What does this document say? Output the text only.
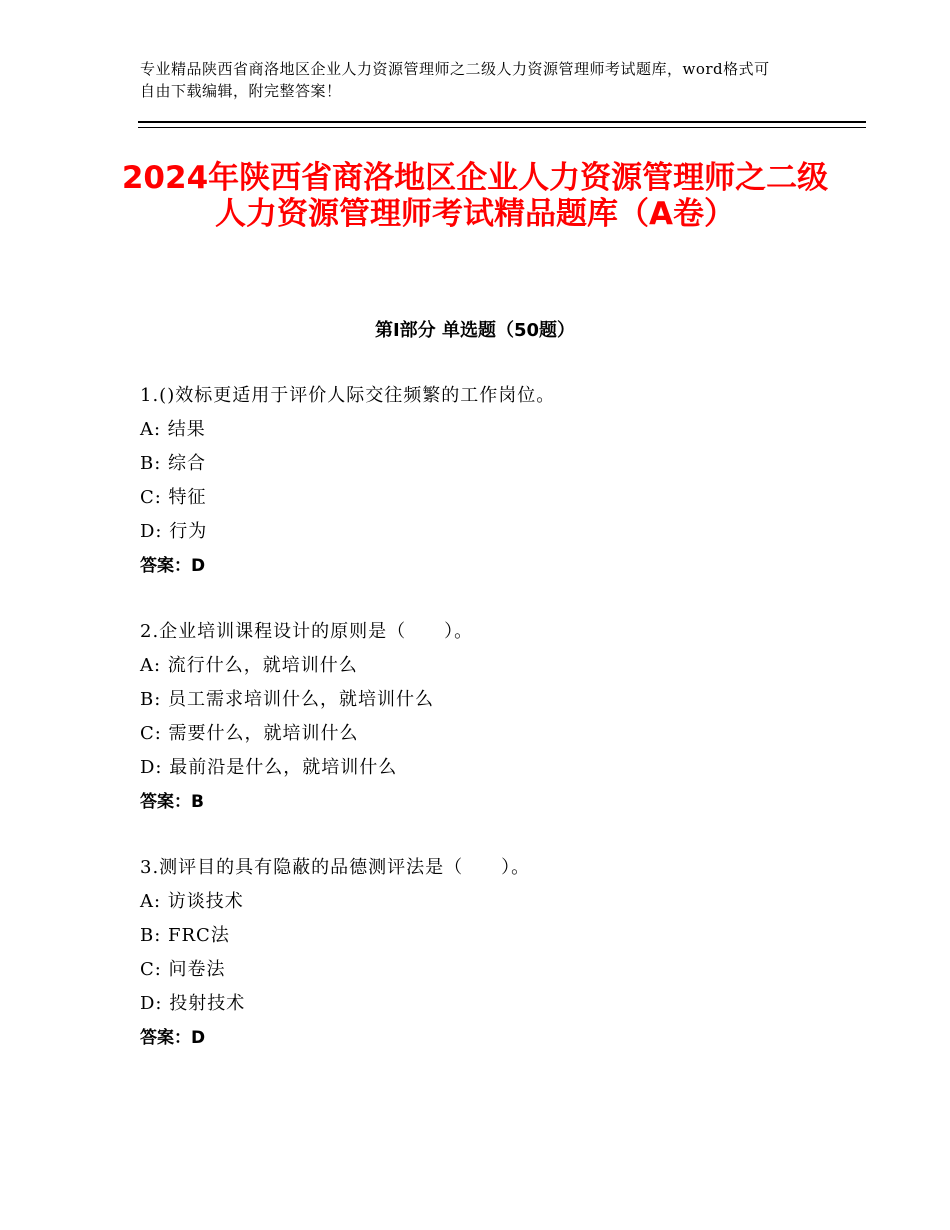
专业精品陕西省商洛地区企业人力资源管理师之二级人力资源管理师考试题库，word格式可自由下载编辑，附完整答案！
2024年陕西省商洛地区企业人力资源管理师之二级人力资源管理师考试精品题库（A卷）
第Ⅰ部分 单选题（50题）
1.()效标更适用于评价人际交往频繁的工作岗位。
A: 结果
B: 综合
C: 特征
D: 行为
答案：D
2.企业培训课程设计的原则是（　　）。
A: 流行什么，就培训什么
B: 员工需求培训什么，就培训什么
C: 需要什么，就培训什么
D: 最前沿是什么，就培训什么
答案：B
3.测评目的具有隐蔽的品德测评法是（　　）。
A: 访谈技术
B: FRC法
C: 问卷法
D: 投射技术
答案：D
